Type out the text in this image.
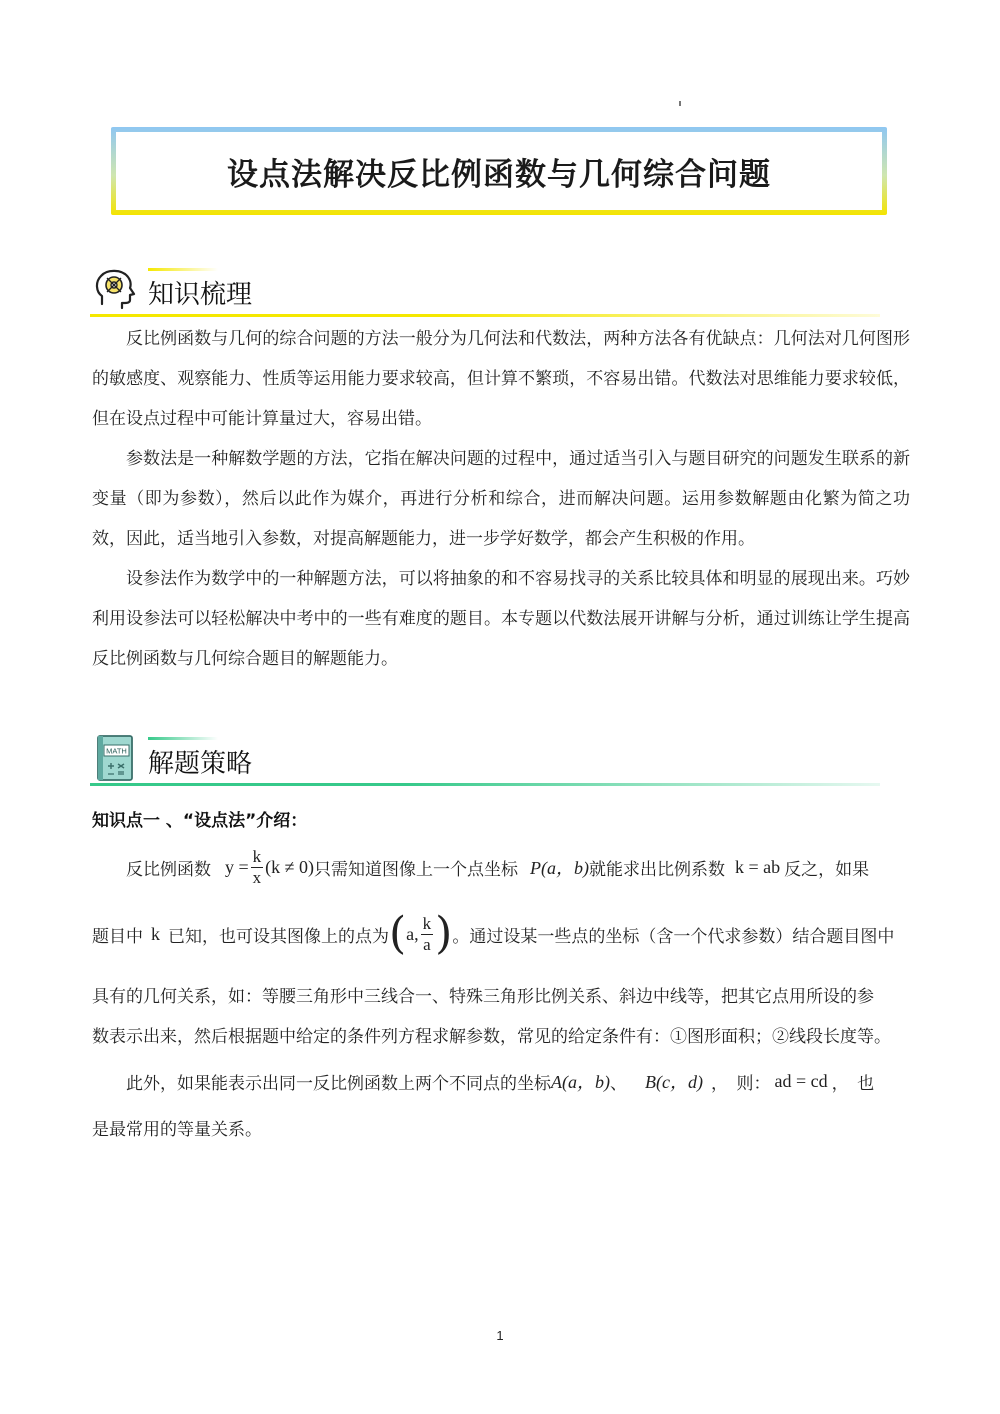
设点法解决反比例函数与几何综合问题
知识梳理

反比例函数与几何的综合问题的方法一般分为几何法和代数法，两种方法各有优缺点：几何法对几何图形的敏感度、观察能力、性质等运用能力要求较高，但计算不繁琐，不容易出错。代数法对思维能力要求较低，但在设点过程中可能计算量过大，容易出错。

参数法是一种解数学题的方法，它指在解决问题的过程中，通过适当引入与题目研究的问题发生联系的新变量（即为参数），然后以此作为媒介，再进行分析和综合，进而解决问题。运用参数解题由化繁为简之功效，因此，适当地引入参数，对提高解题能力，进一步学好数学，都会产生积极的作用。

设参法作为数学中的一种解题方法，可以将抽象的和不容易找寻的关系比较具体和明显的展现出来。巧妙利用设参法可以轻松解决中考中的一些有难度的题目。本专题以代数法展开讲解与分析，通过训练让学生提高反比例函数与几何综合题目的解题能力。

MATH 解题策略
知识点一 、“设点法”介绍：
反比例函数 $y = \frac{k}{x} (k \ne 0)$ 只需知道图像上一个点坐标 P(a，b) 就能求出比例系数 k = ab 反之，如果
题目中 k 已知，也可设其图像上的点为 ( a, $\frac{k}{a}$ ) 。通过设某一些点的坐标（含一个代求参数）结合题目图中
具有的几何关系，如：等腰三角形中三线合一、特殊三角形比例关系、斜边中线等，把其它点用所设的参
数表示出来，然后根据题中给定的条件列方程求解参数，常见的给定条件有：①图形面积；②线段长度等。
此外，如果能表示出同一反比例函数上两个不同点的坐标 A(a，b) 、 B(c，d) ，　则： ad = cd ，　也
是最常用的等量关系。
1
